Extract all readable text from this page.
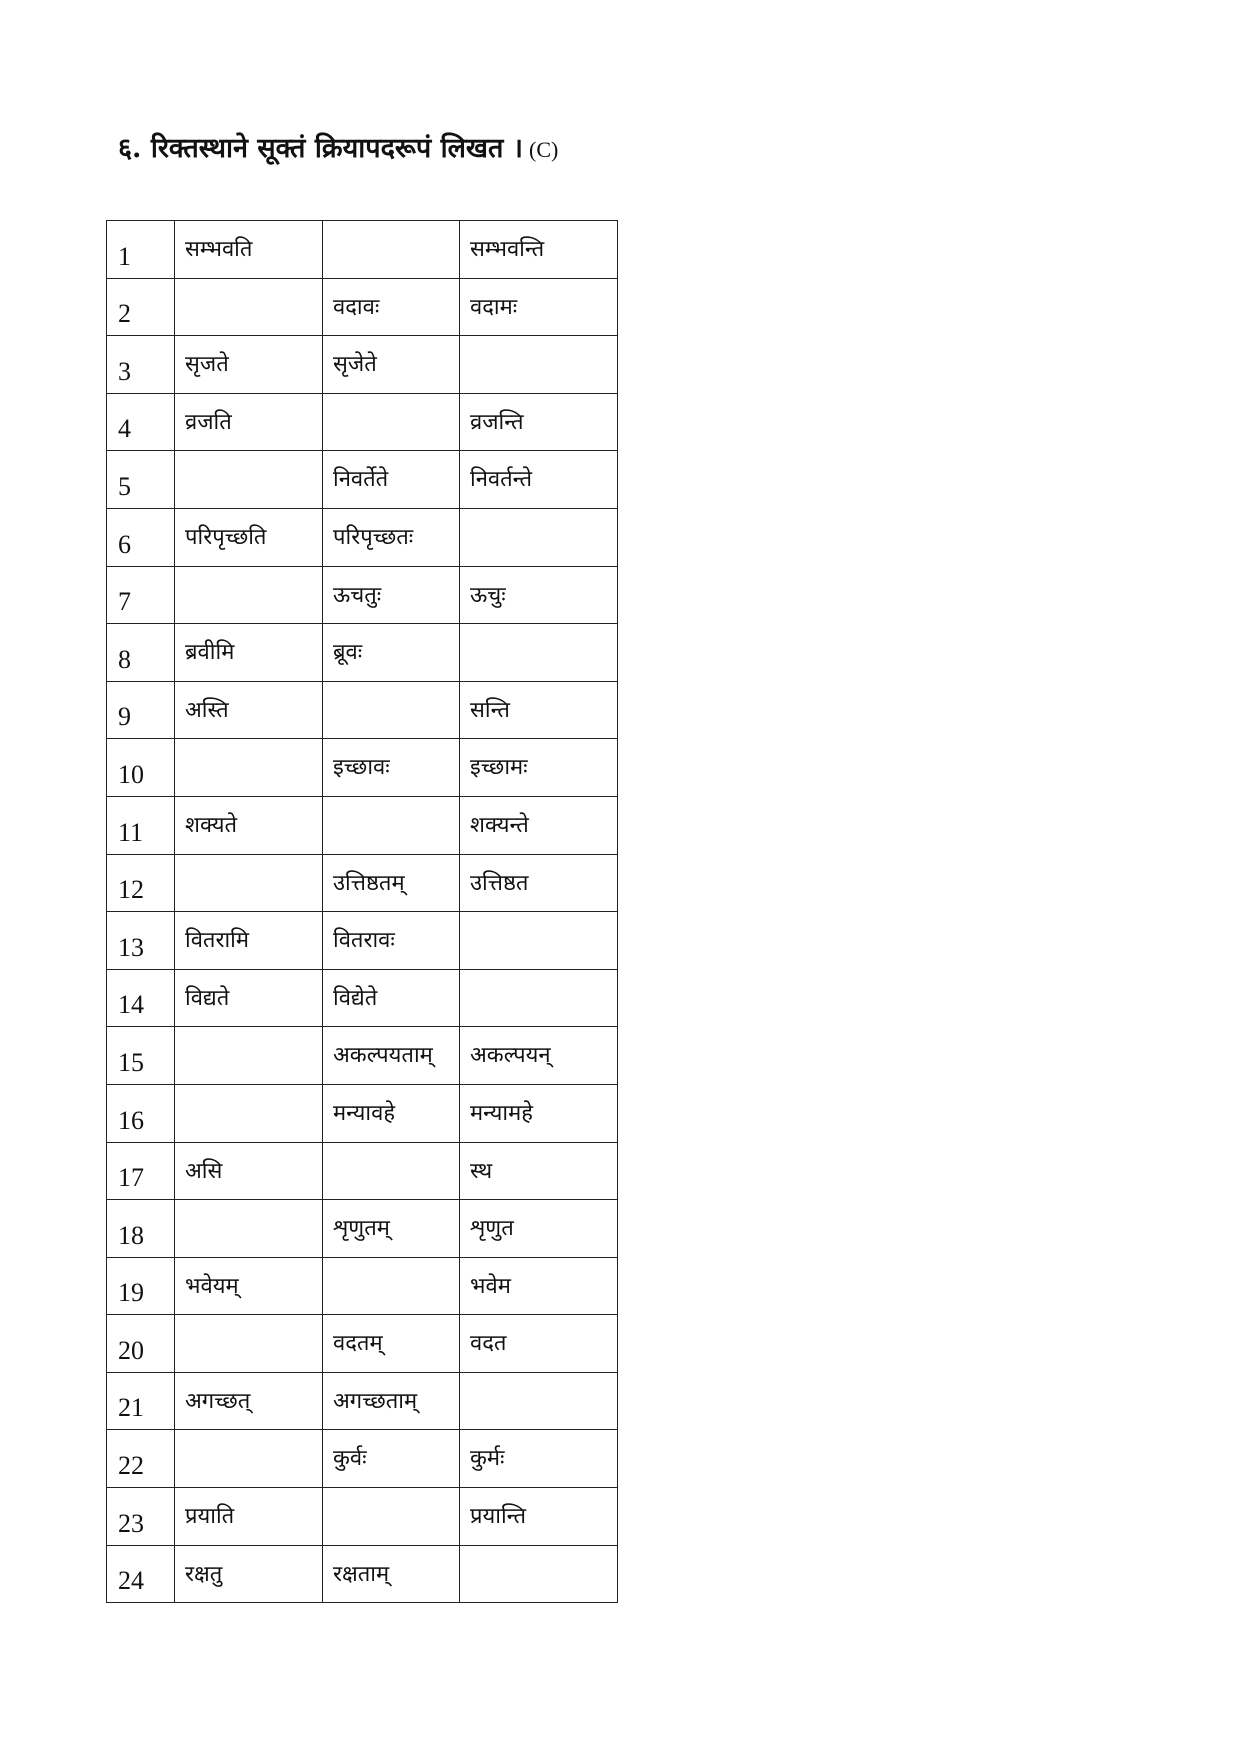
६. रिक्तस्थाने सूक्तं क्रियापदरूपं लिखत । (C)
1	सम्भवति		सम्भवन्ति
2		वदावः	वदामः
3	सृजते	सृजेते	
4	व्रजति		व्रजन्ति
5		निवर्तेते	निवर्तन्ते
6	परिपृच्छति	परिपृच्छतः	
7		ऊचतुः	ऊचुः
8	ब्रवीमि	ब्रूवः	
9	अस्ति		सन्ति
10		इच्छावः	इच्छामः
11	शक्यते		शक्यन्ते
12		उत्तिष्ठतम्	उत्तिष्ठत
13	वितरामि	वितरावः	
14	विद्यते	विद्येते	
15		अकल्पयताम्	अकल्पयन्
16		मन्यावहे	मन्यामहे
17	असि		स्थ
18		शृणुतम्	शृणुत
19	भवेयम्		भवेम
20		वदतम्	वदत
21	अगच्छत्	अगच्छताम्	
22		कुर्वः	कुर्मः
23	प्रयाति		प्रयान्ति
24	रक्षतु	रक्षताम्	
